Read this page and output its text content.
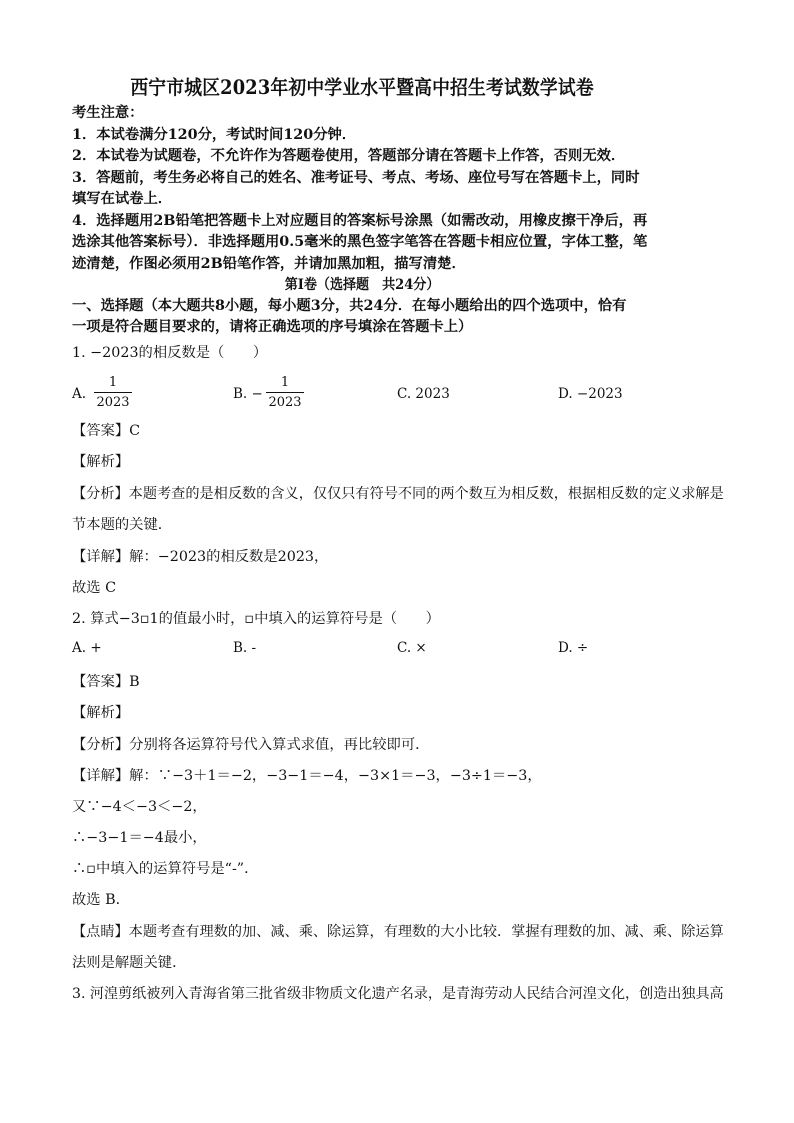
西宁市城区2023年初中学业水平暨高中招生考试数学试卷
考生注意：
1．本试卷满分120分，考试时间120分钟．
2．本试卷为试题卷，不允许作为答题卷使用，答题部分请在答题卡上作答，否则无效．
3．答题前，考生务必将自己的姓名、准考证号、考点、考场、座位号写在答题卡上，同时
填写在试卷上．
4．选择题用2B铅笔把答题卡上对应题目的答案标号涂黑（如需改动，用橡皮擦干净后，再
选涂其他答案标号）．非选择题用0.5毫米的黑色签字笔答在答题卡相应位置，字体工整，笔
迹清楚，作图必须用2B铅笔作答，并请加黑加粗，描写清楚．
第Ⅰ卷（选择题　共24分）
一、选择题（本大题共8小题，每小题3分，共24分．在每小题给出的四个选项中，恰有
一项是符合题目要求的，请将正确选项的序号填涂在答题卡上）
1. −2023的相反数是（　　）
A.
1
2023
B. −
1
2023
C. 2023	D. −2023
【答案】C
【解析】
【分析】本题考查的是相反数的含义，仅仅只有符号不同的两个数互为相反数，根据相反数的定义求解是
节本题的关键．
【详解】解：−2023的相反数是2023，
故选 C
2. 算式−3▫1的值最小时，▫中填入的运算符号是（　　）
A. +	B. -	C. ×	D. ÷
【答案】B
【解析】
【分析】分别将各运算符号代入算式求值，再比较即可．
【详解】解：∵−3＋1＝−2，−3−1＝−4，−3×1＝−3，−3÷1＝−3，
又∵−4＜−3＜−2，
∴−3−1＝−4最小，
∴▫中填入的运算符号是“-”．
故选 B．
【点睛】本题考查有理数的加、减、乘、除运算，有理数的大小比较．掌握有理数的加、减、乘、除运算
法则是解题关键．
3. 河湟剪纸被列入青海省第三批省级非物质文化遗产名录，是青海劳动人民结合河湟文化，创造出独具高
